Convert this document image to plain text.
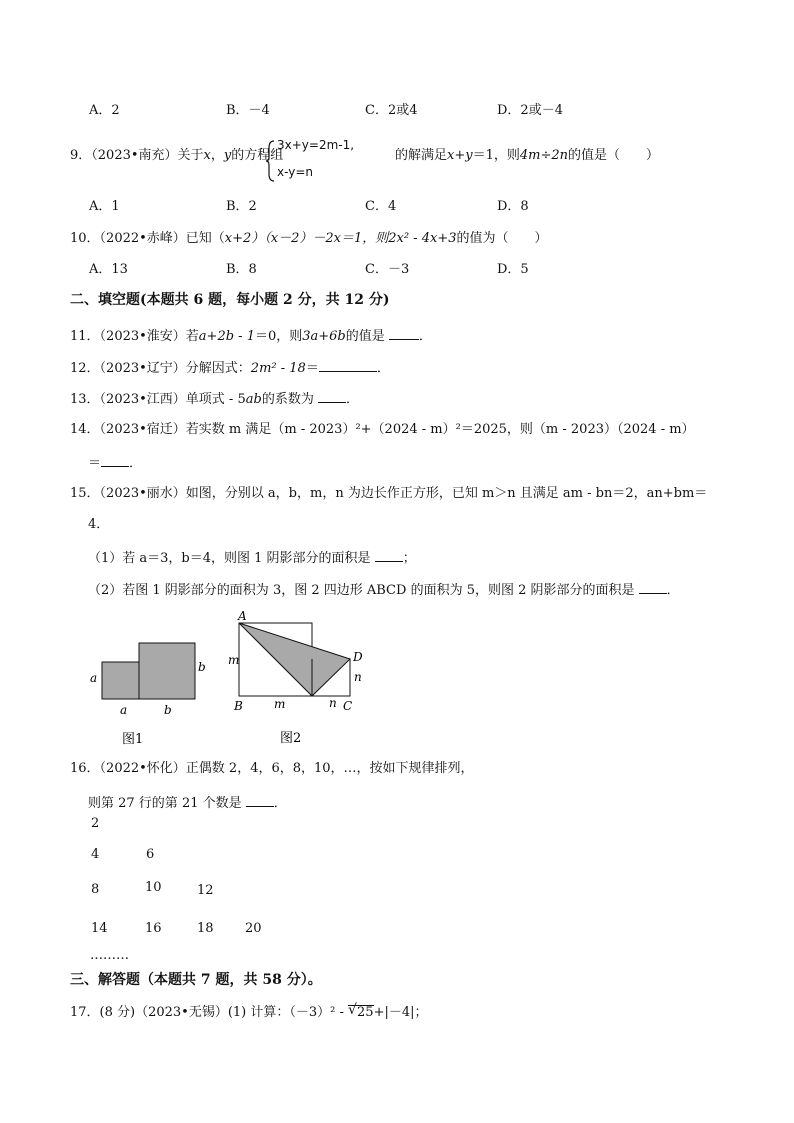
A．2	B．－4	C．2或4	D．2或－4
9．（2023•南充）关于x，y的方程组
3x+y=2m-1,
x-y=n
的解满足x+y＝1，则4m÷2n的值是（　　）
A．1	B．2	C．4	D．8
10．（2022•赤峰）已知（x+2）（x－2）－2x＝1，则2x² - 4x+3的值为（　　）
A．13	B．8	C．－3	D．5
二、填空题(本题共 6 题，每小题 2 分，共 12 分)
11．（2023•淮安）若a+2b - 1＝0，则3a+6b的值是	．
12．（2023•辽宁）分解因式：2m² - 18＝	．
13．（2023•江西）单项式 - 5ab的系数为 ．
14．（2023•宿迁）若实数 m 满足（m - 2023）²+（2024 - m）²＝2025，则（m - 2023）（2024 - m）
＝ ．
15．（2023•丽水）如图，分别以 a，b，m，n 为边长作正方形，已知 m＞n 且满足 am - bn＝2，an+bm＝
4．
（1）若 a＝3，b＝4，则图 1 阴影部分的面积是 ；
（2）若图 1 阴影部分的面积为 3，图 2 四边形 ABCD 的面积为 5，则图 2 阴影部分的面积是 ．
a
b
a	b
图1
A
B	C
D
m
m	n
n
图2
16．（2022•怀化）正偶数 2，4，6，8，10，…，按如下规律排列，
则第 27 行的第 21 个数是 ．
2
4	6
8	10	12
14	16	18 20
………
三、解答题（本题共 7 题，共 58 分）。
17．(8 分)（2023•无锡）(1) 计算：（－3）² - √ 25+|－4|；
